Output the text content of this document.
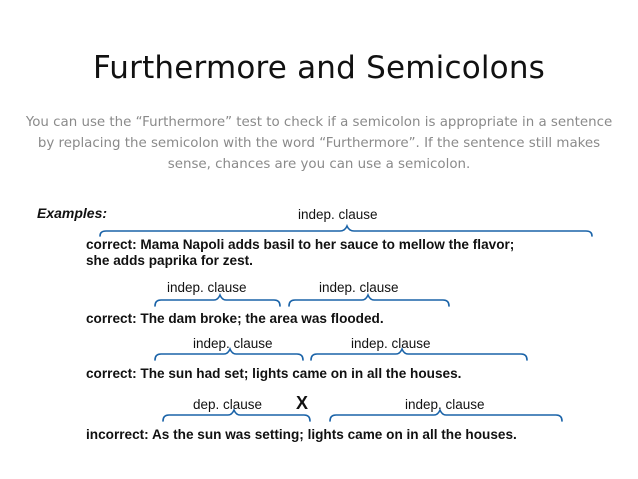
Furthermore and Semicolons
You can use the “Furthermore” test to check if a semicolon is appropriate in a sentence by replacing the semicolon with the word “Furthermore”. If the sentence still makes sense, chances are you can use a semicolon.
Examples:	indep. clause
correct: Mama Napoli adds basil to her sauce to mellow the flavor;
she adds paprika for zest.
indep. clause	indep. clause
correct: The dam broke; the area was flooded.
indep. clause	indep. clause
correct: The sun had set; lights came on in all the houses.
dep. clause X	indep. clause
incorrect: As the sun was setting; lights came on in all the houses.
